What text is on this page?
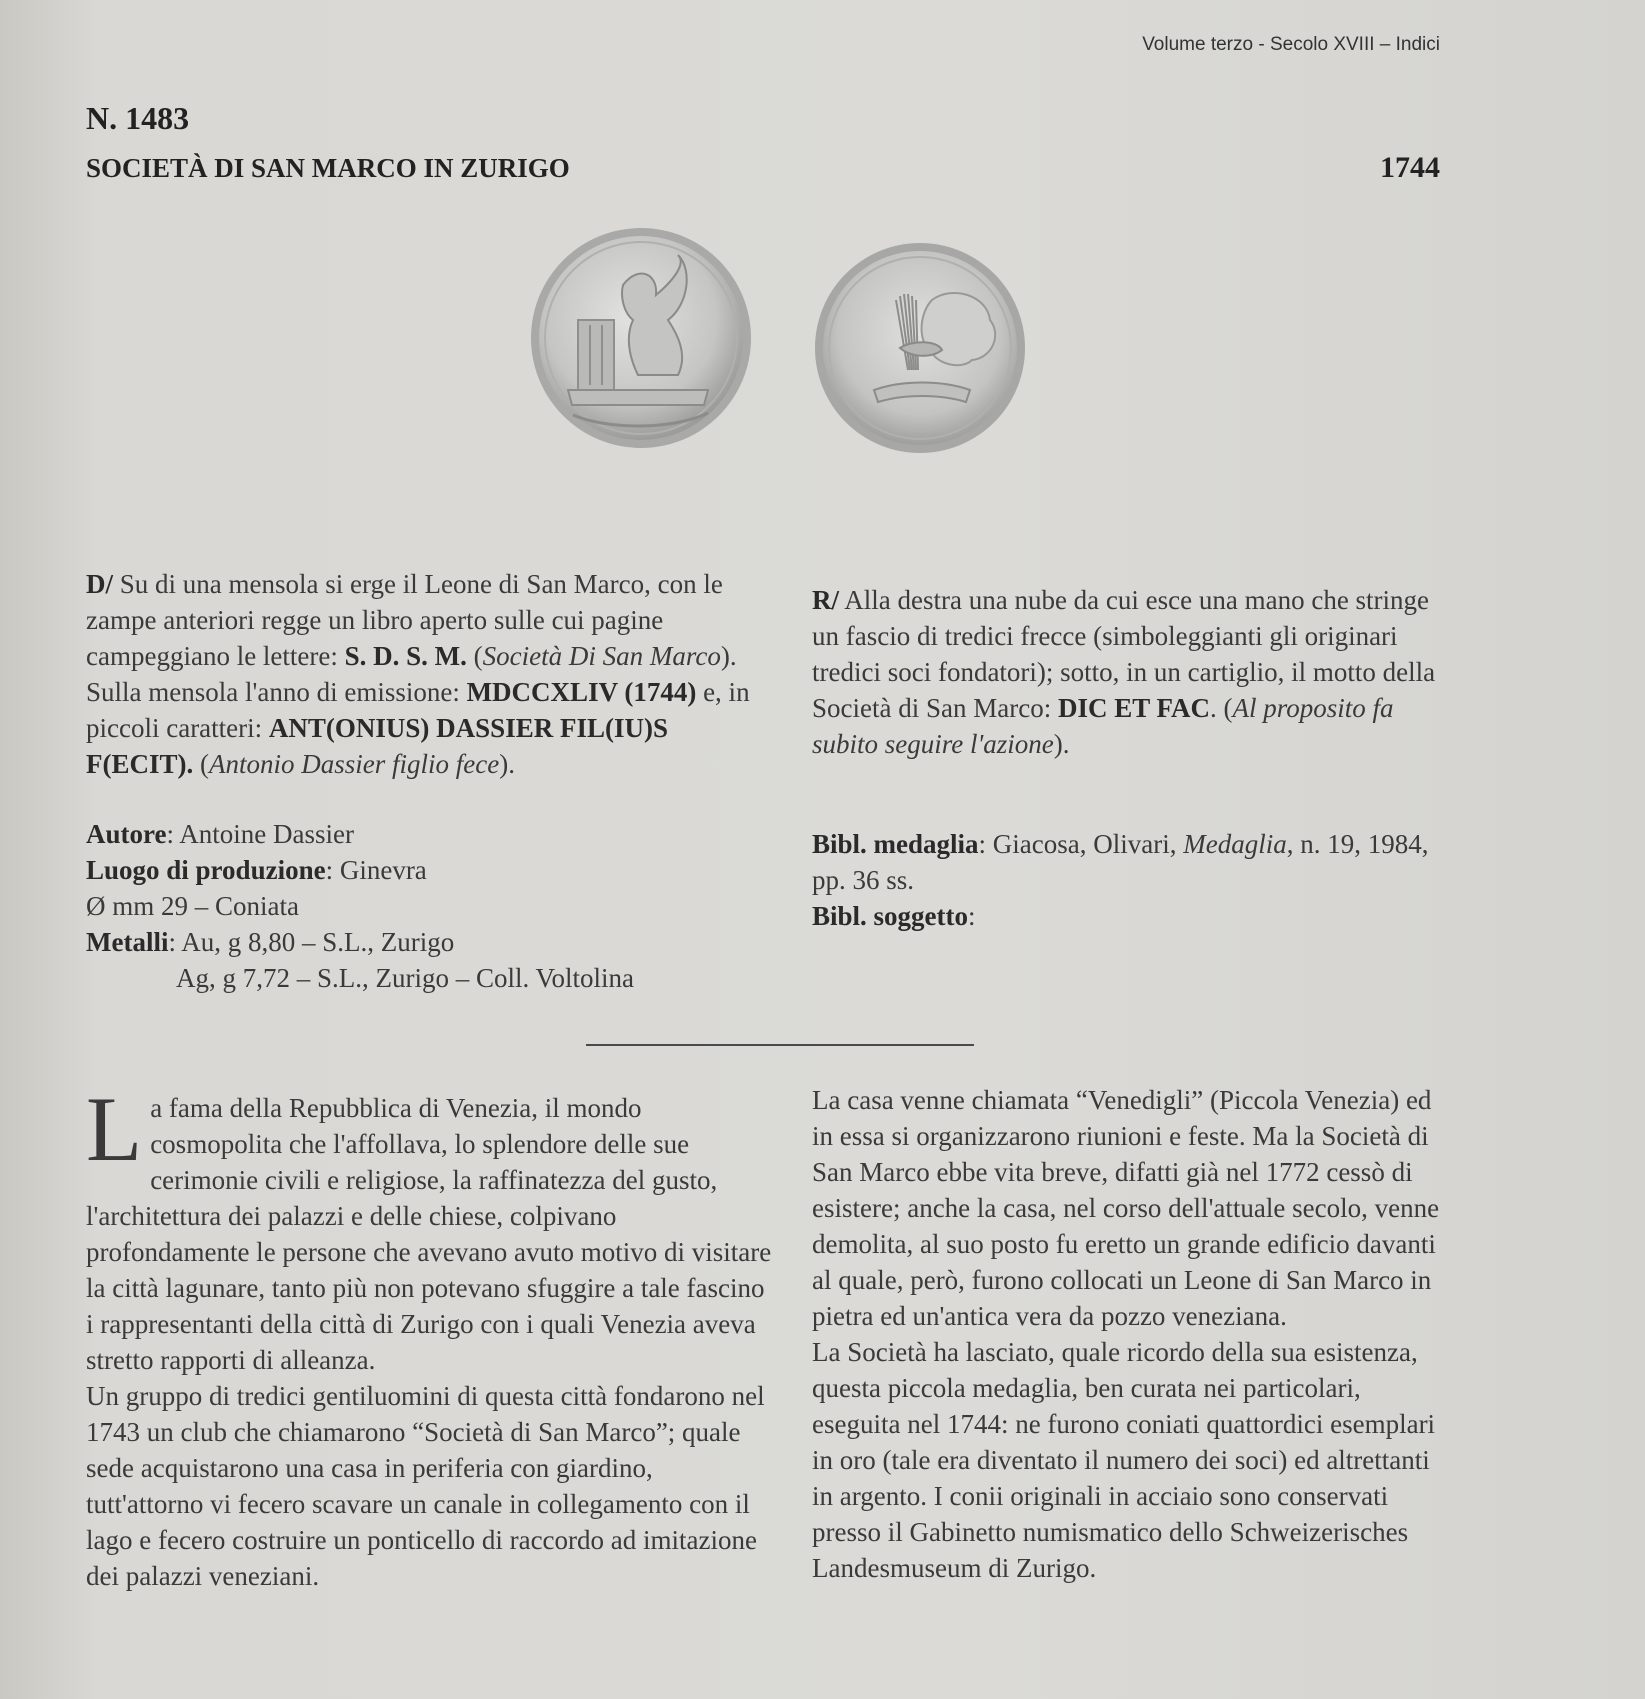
Volume terzo - Secolo XVIII – Indici
N. 1483
SOCIETÀ DI SAN MARCO IN ZURIGO	1744

D/ Su di una mensola si erge il Leone di San Marco, con le zampe anteriori regge un libro aperto sulle cui pagine campeggiano le lettere: S. D. S. M. (Società Di San Marco). Sulla mensola l'anno di emissione: MDCCXLIV (1744) e, in piccoli caratteri: ANT(ONIUS) DASSIER FIL(IU)S F(ECIT). (Antonio Dassier figlio fece).

R/ Alla destra una nube da cui esce una mano che stringe un fascio di tredici frecce (simboleggianti gli originari tredici soci fondatori); sotto, in un cartiglio, il motto della Società di San Marco: DIC ET FAC. (Al proposito fa subito seguire l'azione).

Autore: Antoine Dassier

Luogo di produzione: Ginevra

Ø mm 29 – Coniata

Metalli: Au, g 8,80 – S.L., Zurigo

Ag, g 7,72 – S.L., Zurigo – Coll. Voltolina

Bibl. medaglia: Giacosa, Olivari, Medaglia, n. 19, 1984, pp. 36 ss.

Bibl. soggetto:

La fama della Repubblica di Venezia, il mondo cosmopolita che l'affollava, lo splendore delle sue cerimonie civili e religiose, la raffinatezza del gusto, l'architettura dei palazzi e delle chiese, colpivano profondamente le persone che avevano avuto motivo di visitare la città lagunare, tanto più non potevano sfuggire a tale fascino i rappresentanti della città di Zurigo con i quali Venezia aveva stretto rapporti di alleanza.

Un gruppo di tredici gentiluomini di questa città fondarono nel 1743 un club che chiamarono “Società di San Marco”; quale sede acquistarono una casa in periferia con giardino, tutt'attorno vi fecero scavare un canale in collegamento con il lago e fecero costruire un ponticello di raccordo ad imitazione dei palazzi veneziani.

La casa venne chiamata “Venedigli” (Piccola Venezia) ed in essa si organizzarono riunioni e feste. Ma la Società di San Marco ebbe vita breve, difatti già nel 1772 cessò di esistere; anche la casa, nel corso dell'attuale secolo, venne demolita, al suo posto fu eretto un grande edificio davanti al quale, però, furono collocati un Leone di San Marco in pietra ed un'antica vera da pozzo veneziana.

La Società ha lasciato, quale ricordo della sua esistenza, questa piccola medaglia, ben curata nei particolari, eseguita nel 1744: ne furono coniati quattordici esemplari in oro (tale era diventato il numero dei soci) ed altrettanti in argento. I conii originali in acciaio sono conservati presso il Gabinetto numismatico dello Schweizerisches Landesmuseum di Zurigo.
